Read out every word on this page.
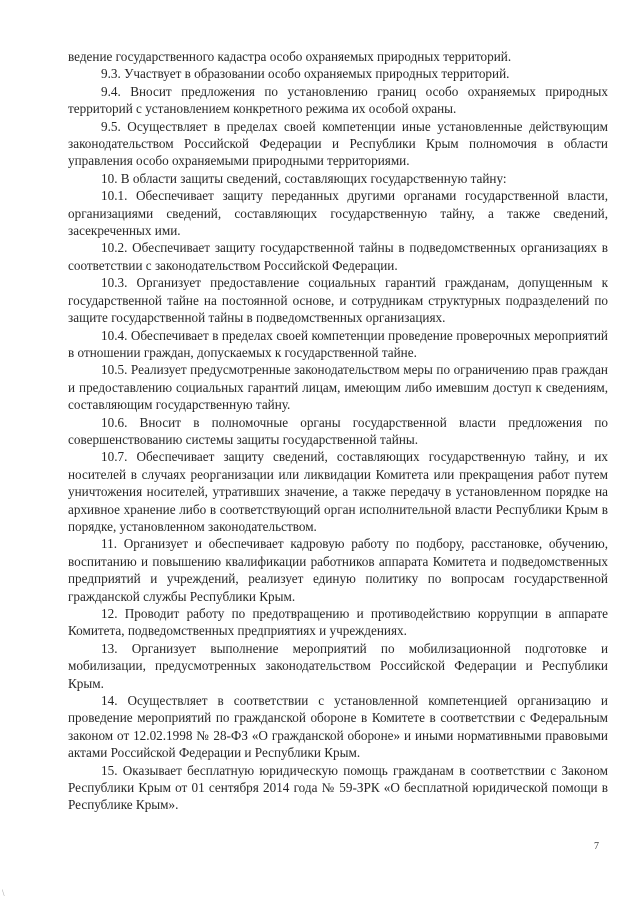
ведение государственного кадастра особо охраняемых природных территорий.

9.3. Участвует в образовании особо охраняемых природных территорий.

9.4. Вносит предложения по установлению границ особо охраняемых природных территорий с установлением конкретного режима их особой охраны.

9.5. Осуществляет в пределах своей компетенции иные установленные действующим законодательством Российской Федерации и Республики Крым полномочия в области управления особо охраняемыми природными территориями.

10. В области защиты сведений, составляющих государственную тайну:

10.1. Обеспечивает защиту переданных другими органами государственной власти, организациями сведений, составляющих государственную тайну, а также сведений, засекреченных ими.

10.2. Обеспечивает защиту государственной тайны в подведомственных организациях в соответствии с законодательством Российской Федерации.

10.3. Организует предоставление социальных гарантий гражданам, допущенным к государственной тайне на постоянной основе, и сотрудникам структурных подразделений по защите государственной тайны в подведомственных организациях.

10.4. Обеспечивает в пределах своей компетенции проведение проверочных мероприятий в отношении граждан, допускаемых к государственной тайне.

10.5. Реализует предусмотренные законодательством меры по ограничению прав граждан и предоставлению социальных гарантий лицам, имеющим либо имевшим доступ к сведениям, составляющим государственную тайну.

10.6. Вносит в полномочные органы государственной власти предложения по совершенствованию системы защиты государственной тайны.

10.7. Обеспечивает защиту сведений, составляющих государственную тайну, и их носителей в случаях реорганизации или ликвидации Комитета или прекращения работ путем уничтожения носителей, утративших значение, а также передачу в установленном порядке на архивное хранение либо в соответствующий орган исполнительной власти Республики Крым в порядке, установленном законодательством.

11. Организует и обеспечивает кадровую работу по подбору, расстановке, обучению, воспитанию и повышению квалификации работников аппарата Комитета и подведомственных предприятий и учреждений, реализует единую политику по вопросам государственной гражданской службы Республики Крым.

12. Проводит работу по предотвращению и противодействию коррупции в аппарате Комитета, подведомственных предприятиях и учреждениях.

13. Организует выполнение мероприятий по мобилизационной подготовке и мобилизации, предусмотренных законодательством Российской Федерации и Республики Крым.

14. Осуществляет в соответствии с установленной компетенцией организацию и проведение мероприятий по гражданской обороне в Комитете в соответствии с Федеральным законом от 12.02.1998 № 28-ФЗ «О гражданской обороне» и иными нормативными правовыми актами Российской Федерации и Республики Крым.

15. Оказывает бесплатную юридическую помощь гражданам в соответствии с Законом Республики Крым от 01 сентября 2014 года № 59-ЗРК «О бесплатной юридической помощи в Республике Крым».

7
\
